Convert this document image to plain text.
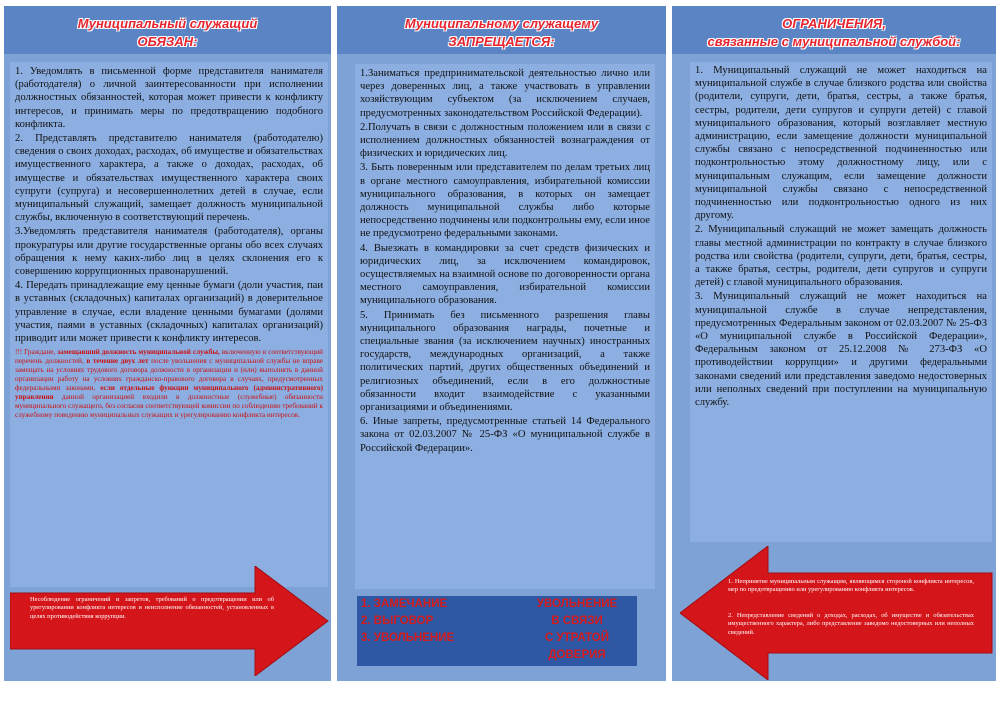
Муниципальный служащий
ОБЯЗАН:

1. Уведомлять в письменной форме представителя нанимателя (работодателя) о личной заинтересованности при исполнении должностных обязанностей, которая может привести к конфликту интересов, и принимать меры по предотвращению подобного конфликта.

2. Представлять представителю нанимателя (работодателю) сведения о своих доходах, расходах, об имуществе и обязательствах имущественного характера, а также о доходах, расходах, об имуществе и обязательствах имущественного характера своих супруги (супруга) и несовершеннолетних детей в случае, если муниципальный служащий, замещает должность муниципальной службы, включенную в соответствующий перечень.

3.Уведомлять представителя нанимателя (работодателя), органы прокуратуры или другие государственные органы обо всех случаях обращения к нему каких-либо лиц в целях склонения его к совершению коррупционных правонарушений.

4. Передать принадлежащие ему ценные бумаги (доли участия, паи в уставных (складочных) капиталах организаций) в доверительное управление в случае, если владение ценными бумагами (долями участия, паями в уставных (складочных) капиталах организаций) приводит или может привести к конфликту интересов.

!!! Граждане, замещавший должность муниципальной службы, включенную в соответствующий перечень должностей, в течение двух лет после увольнения с муниципальной службы не вправе замещать на условиях трудового договора должности в организации и (или) выполнять в данной организации работу на условиях гражданско-правового договора в случаях, предусмотренных федеральными законами, если отдельные функции муниципального (административного) управления данной организацией входили в должностные (служебные) обязанности муниципального служащего, без согласия соответствующей комиссии по соблюдению требований к служебному поведению муниципальных служащих и урегулированию конфликта интересов.
Несоблюдение ограничений и запретов, требований о предотвращении или об урегулировании конфликта интересов и неисполнение обязанностей, установленных в целях противодействия коррупции.
Муниципальному служащему
ЗАПРЕЩАЕТСЯ:

1.Заниматься предпринимательской деятельностью лично или через доверенных лиц, а также участвовать в управлении хозяйствующим субъектом (за исключением случаев, предусмотренных законодательством Российской Федерации).

2.Получать в связи с должностным положением или в связи с исполнением должностных обязанностей вознаграждения от физических и юридических лиц.

3. Быть поверенным или представителем по делам третьих лиц в органе местного самоуправления, избирательной комиссии муниципального образования, в которых он замещает должность муниципальной службы либо которые непосредственно подчинены или подконтрольны ему, если иное не предусмотрено федеральными законами.

4. Выезжать в командировки за счет средств физических и юридических лиц, за исключением командировок, осуществляемых на взаимной основе по договоренности органа местного самоуправления, избирательной комиссии муниципального образования.

5. Принимать без письменного разрешения главы муниципального образования награды, почетные и специальные звания (за исключением научных) иностранных государств, международных организаций, а также политических партий, других общественных объединений и религиозных объединений, если в его должностные обязанности входит взаимодействие с указанными организациями и объединениями.

6. Иные запреты, предусмотренные статьей 14 Федерального закона от 02.03.2007 № 25-ФЗ «О муниципальной службе в Российской Федерации».

1. ЗАМЕЧАНИЕ	УВОЛЬНЕНИЕ
2. ВЫГОВОР	В СВЯЗИ
3. УВОЛЬНЕНИЕ	С УТРАТОЙ
ДОВЕРИЯ
ОГРАНИЧЕНИЯ,
связанные с муниципальной службой:

1. Муниципальный служащий не может находиться на муниципальной службе в случае близкого родства или свойства (родители, супруги, дети, братья, сестры, а также братья, сестры, родители, дети супругов и супруги детей) с главой муниципального образования, который возглавляет местную администрацию, если замещение должности муниципальной службы связано с непосредственной подчиненностью или подконтрольностью этому должностному лицу, или с муниципальным служащим, если замещение должности муниципальной службы связано с непосредственной подчиненностью или подконтрольностью одного из них другому.

2. Муниципальный служащий не может замещать должность главы местной администрации по контракту в случае близкого родства или свойства (родители, супруги, дети, братья, сестры, а также братья, сестры, родители, дети супругов и супруги детей) с главой муниципального образования.

3. Муниципальный служащий не может находиться на муниципальной службе в случае непредставления, предусмотренных Федеральным законом от 02.03.2007 № 25-ФЗ «О муниципальной службе в Российской Федерации», Федеральным законом от 25.12.2008 № 273-ФЗ «О противодействии коррупции» и другими федеральными законами сведений или представления заведомо недостоверных или неполных сведений при поступлении на муниципальную службу.

1. Непринятие муниципальным служащим, являющимся стороной конфликта интересов, мер по предотвращению или урегулированию конфликта интересов.
2. Непредставление сведений о доходах, расходах, об имуществе и обязательствах имущественного характера, либо представление заведомо недостоверных или неполных сведений.
